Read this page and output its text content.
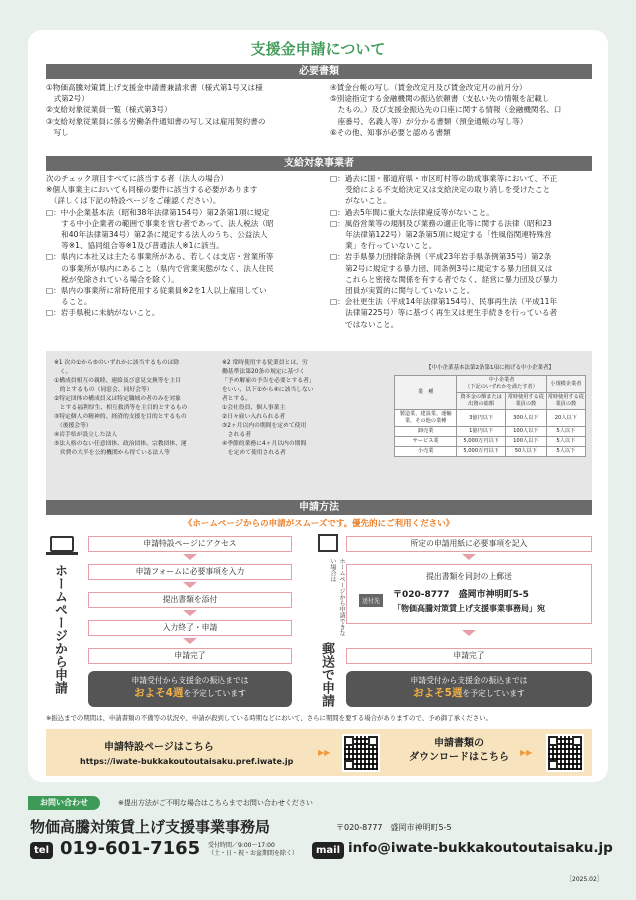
支援金申請について
必要書類

①物価高騰対策賃上げ支援金申請書兼請求書（様式第1号又は様

　式第2号）

②支給対象従業員一覧（様式第3号）

③支給対象従業員に係る労働条件通知書の写し又は雇用契約書の

　写し

④賃金台帳の写し（賃金改定月及び賃金改定月の前月分）

⑤別途指定する金融機関の振込依頼書（支払い先の情報を記載し

　たもの。）及び支援金振込先の口座に関する情報（金融機関名、口

　座番号、名義人等）が分かる書類（預金通帳の写し等）

⑥その他、知事が必要と認める書類

支給対象事業者

次のチェック項目すべてに該当する者（法人の場合）

※個人事業主においても同様の要件に該当する必要があります

　（詳しくは下記の特設ページをご確認ください）。

□：中小企業基本法（昭和38年法律第154号）第2条第1項に規定

　　する中小企業者の範囲で事業を営む者であって、法人税法（昭

　　和40年法律第34号）第2条に規定する法人のうち、公益法人

　　等※1、協同組合等※1及び普通法人※1に該当。

□：県内に本社又は主たる事業所がある、若しくは支店・営業所等

　　の事業所が県内にあること（県内で営業実態がなく、法人住民

　　税が免除されている場合を除く）。

□：県内の事業所に常時使用する従業員※2を1人以上雇用してい

　　ること。

□：岩手県税に未納がないこと。

□：過去に国・都道府県・市区町村等の助成事業等において、不正

　　受給による不支給決定又は支給決定の取り消しを受けたこと

　　がないこと。

□：過去5年間に重大な法律違反等がないこと。

□：風俗営業等の規制及び業務の適正化等に関する法律（昭和23

　　年法律第122号）第2条第5項に規定する「性風俗関連特殊営

　　業」を行っていないこと。

□：岩手県暴力団排除条例（平成23年岩手県条例第35号）第2条

　　第2号に規定する暴力団、同条例3号に規定する暴力団員又は

　　これらと密接な関係を有する者でなく、経営に暴力団及び暴力

　　団員が実質的に関与していないこと。

□：会社更生法（平成14年法律第154号）、民事再生法（平成11年

　　法律第225号）等に基づく再生又は更生手続きを行っている者

　　ではないこと。

※1 次の①から⑤のいずれかに該当するものは除

　く。

①構成員相互の親睦、連絡及び意見交換等を主目

　的とするもの（同窓会、同好会等）

②特定団体の構成員又は特定職域の者のみを対象

　とする福利厚生、相互救済等を主目的とするもの

③特定個人の精神的、経済的支援を目的とするもの

　（後援会等）

④岩手県が設立した法人

⑤法人格のない任意団体、政治団体、宗教団体、運

　営費の大半を公的機関から得ている法人等

※2 常時使用する従業員とは、労

働基準法第20条の規定に基づく

「予め解雇の予告を必要とする者」

をいい、以下①から④に該当しない

者とする。

①会社役員、個人事業主

②日々雇い入れられる者

③2ヶ月以内の期間を定めて使用

　される者

④季節的業務に4ヶ月以内の期間

　を定めて使用される者

【中小企業基本法第2条第1項に掲げる中小企業者】
業　種	中小企業者
（下記のいずれかを満たす者）		小規模企業者
	資本金の額または出資の総額	常時使用する従業員の数	常時使用する従業員の数
製造業、建設業、運輸業、その他の業種	3億円以下	300人以下	20人以下
卸売業	1億円以下	100人以下	5人以下
サービス業	5,000万円以下	100人以下	5人以下
小売業	5,000万円以下	50人以下	5人以下
申請方法
《ホームページからの申請がスムーズです。優先的にご利用ください》
ホームページから申請
申請特設ページにアクセス
申請フォームに必要事項を入力
提出書類を添付
入力終了・申請
申請完了
申請受付から支援金の振込までは
およそ4週を予定しています
ホームページから申請できない場合は
郵送で申請
所定の申請用紙に必要事項を記入
提出書類を同封の上郵送
送付先
〒020-8777　盛岡市神明町5-5
「物価高騰対策賃上げ支援事業事務局」宛
申請完了
申請受付から支援金の振込までは
およそ5週を予定しています
※振込までの期間は、申請書類の不備等の状況や、申請が殺到している時期などにおいて、さらに期間を要する場合がありますので、予め御了承ください。
申請特設ページはこちら
https://iwate-bukkakoutoutaisaku.pref.iwate.jp
▶▶
申請書類の
ダウンロードはこちら	▶▶
お問い合わせ	※提出方法がご不明な場合はこちらまでお問い合わせください
物価高騰対策賃上げ支援事業事務局	〒020-8777　盛岡市神明町5-5
tel 019-601-7165 受付時間／9:00〜17:00
（土・日・祝・お盆期間を除く）	mail info@iwate-bukkakoutoutaisaku.jp
［2025.02］
